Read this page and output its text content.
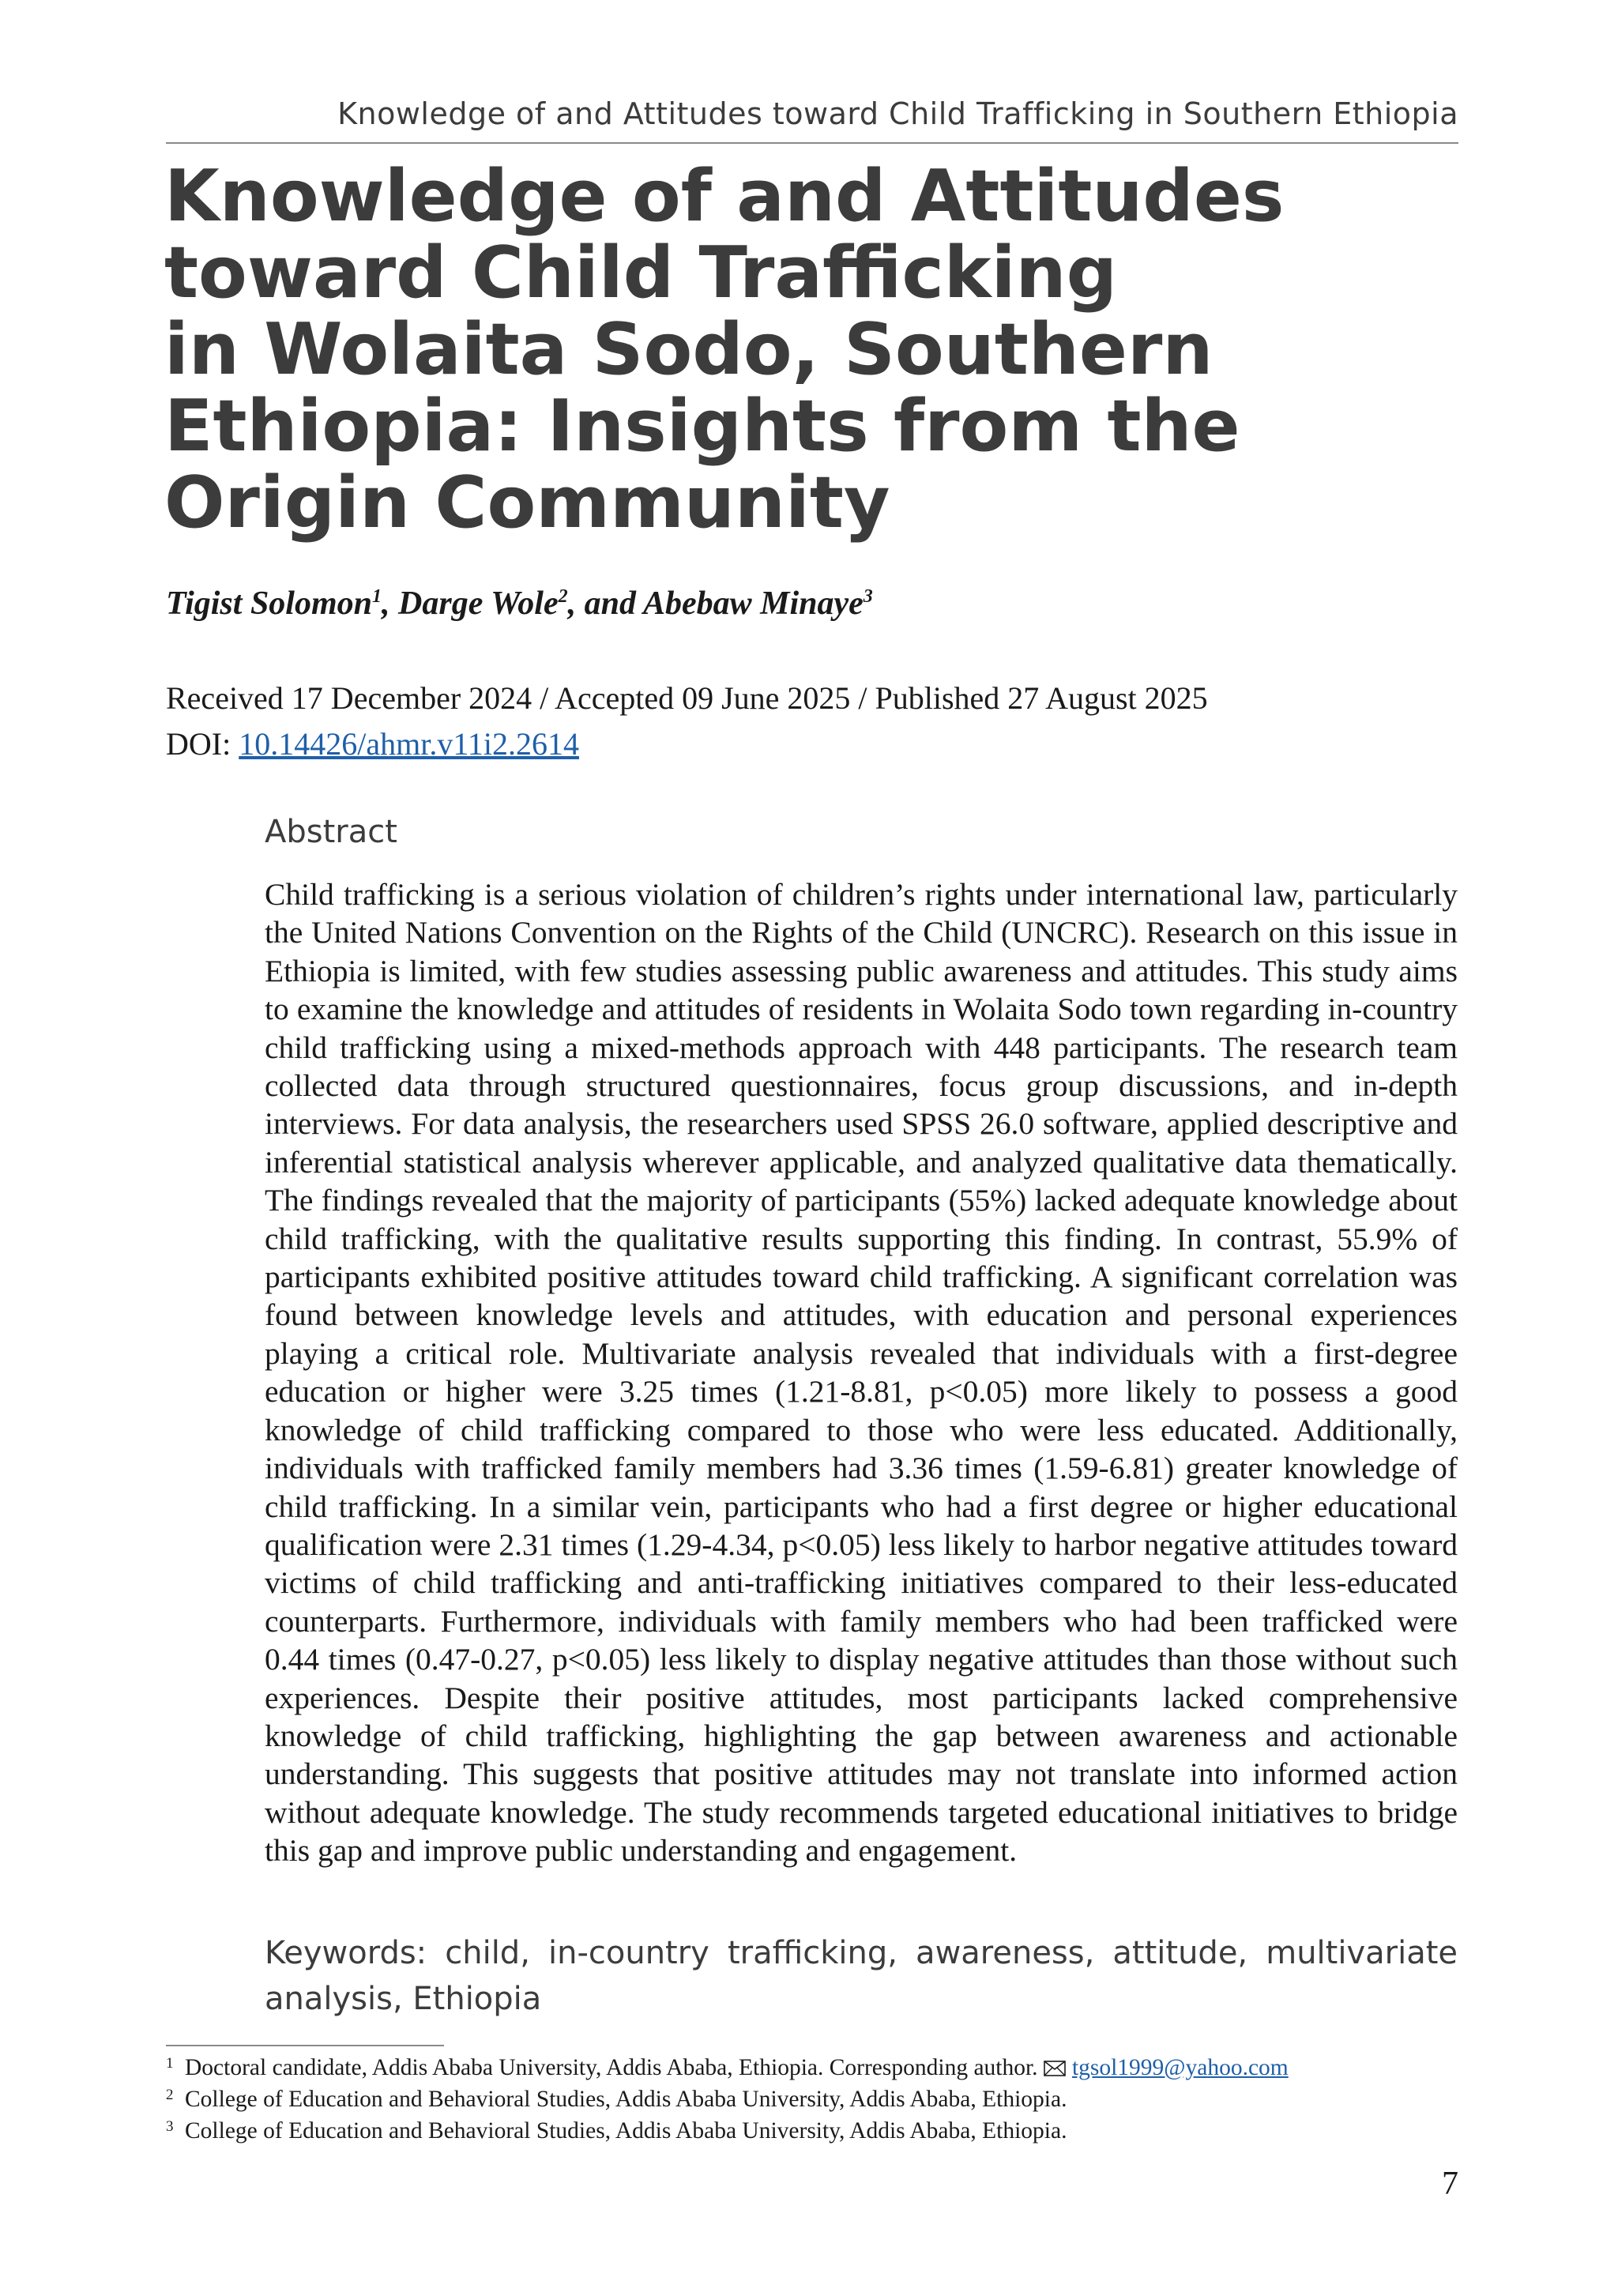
Knowledge of and Attitudes toward Child Trafficking in Southern Ethiopia
Knowledge of and Attitudes
toward Child Trafficking
in Wolaita Sodo, Southern
Ethiopia: Insights from the
Origin Community
Tigist Solomon$^1$, Darge Wole$^2$, and Abebaw Minaye$^3$
Received 17 December 2024 / Accepted 09 June 2025 / Published 27 August 2025
DOI: 10.14426/ahmr.v11i2.2614
Abstract

Child trafficking is a serious violation of children’s rights under international law, particularly the United Nations Convention on the Rights of the Child (UNCRC). Research on this issue in Ethiopia is limited, with few studies assessing public awareness and attitudes. This study aims to examine the knowledge and attitudes of residents in Wolaita Sodo town regarding in-country child trafficking using a mixed-methods approach with 448 participants. The research team collected data through structured questionnaires, focus group discussions, and in-depth interviews. For data analysis, the researchers used SPSS 26.0 software, applied descriptive and inferential statistical analysis wherever applicable, and analyzed qualitative data thematically. The findings revealed that the majority of participants (55%) lacked adequate knowledge about child trafficking, with the qualitative results supporting this finding. In contrast, 55.9% of participants exhibited positive attitudes toward child trafficking. A significant correlation was found between knowledge levels and attitudes, with education and personal experiences playing a critical role. Multivariate analysis revealed that individuals with a first-degree education or higher were 3.25 times (1.21-8.81, p<0.05) more likely to possess a good knowledge of child trafficking compared to those who were less educated. Additionally, individuals with trafficked family members had 3.36 times (1.59-6.81) greater knowledge of child trafficking. In a similar vein, participants who had a first degree or higher educational qualification were 2.31 times (1.29-4.34, p<0.05) less likely to harbor negative attitudes toward victims of child trafficking and anti-trafficking initiatives compared to their less-educated counterparts. Furthermore, individuals with family members who had been trafficked were 0.44 times (0.47-0.27, p<0.05) less likely to display negative attitudes than those without such experiences. Despite their positive attitudes, most participants lacked comprehensive knowledge of child trafficking, highlighting the gap between awareness and actionable understanding. This suggests that positive attitudes may not translate into informed action without adequate knowledge. The study recommends targeted educational initiatives to bridge this gap and improve public understanding and engagement.

Keywords: child, in-country trafficking, awareness, attitude, multivariate analysis, Ethiopia
1 Doctoral candidate, Addis Ababa University, Addis Ababa, Ethiopia. Corresponding author. tgsol1999@yahoo.com
2 College of Education and Behavioral Studies, Addis Ababa University, Addis Ababa, Ethiopia.
3 College of Education and Behavioral Studies, Addis Ababa University, Addis Ababa, Ethiopia.
7
